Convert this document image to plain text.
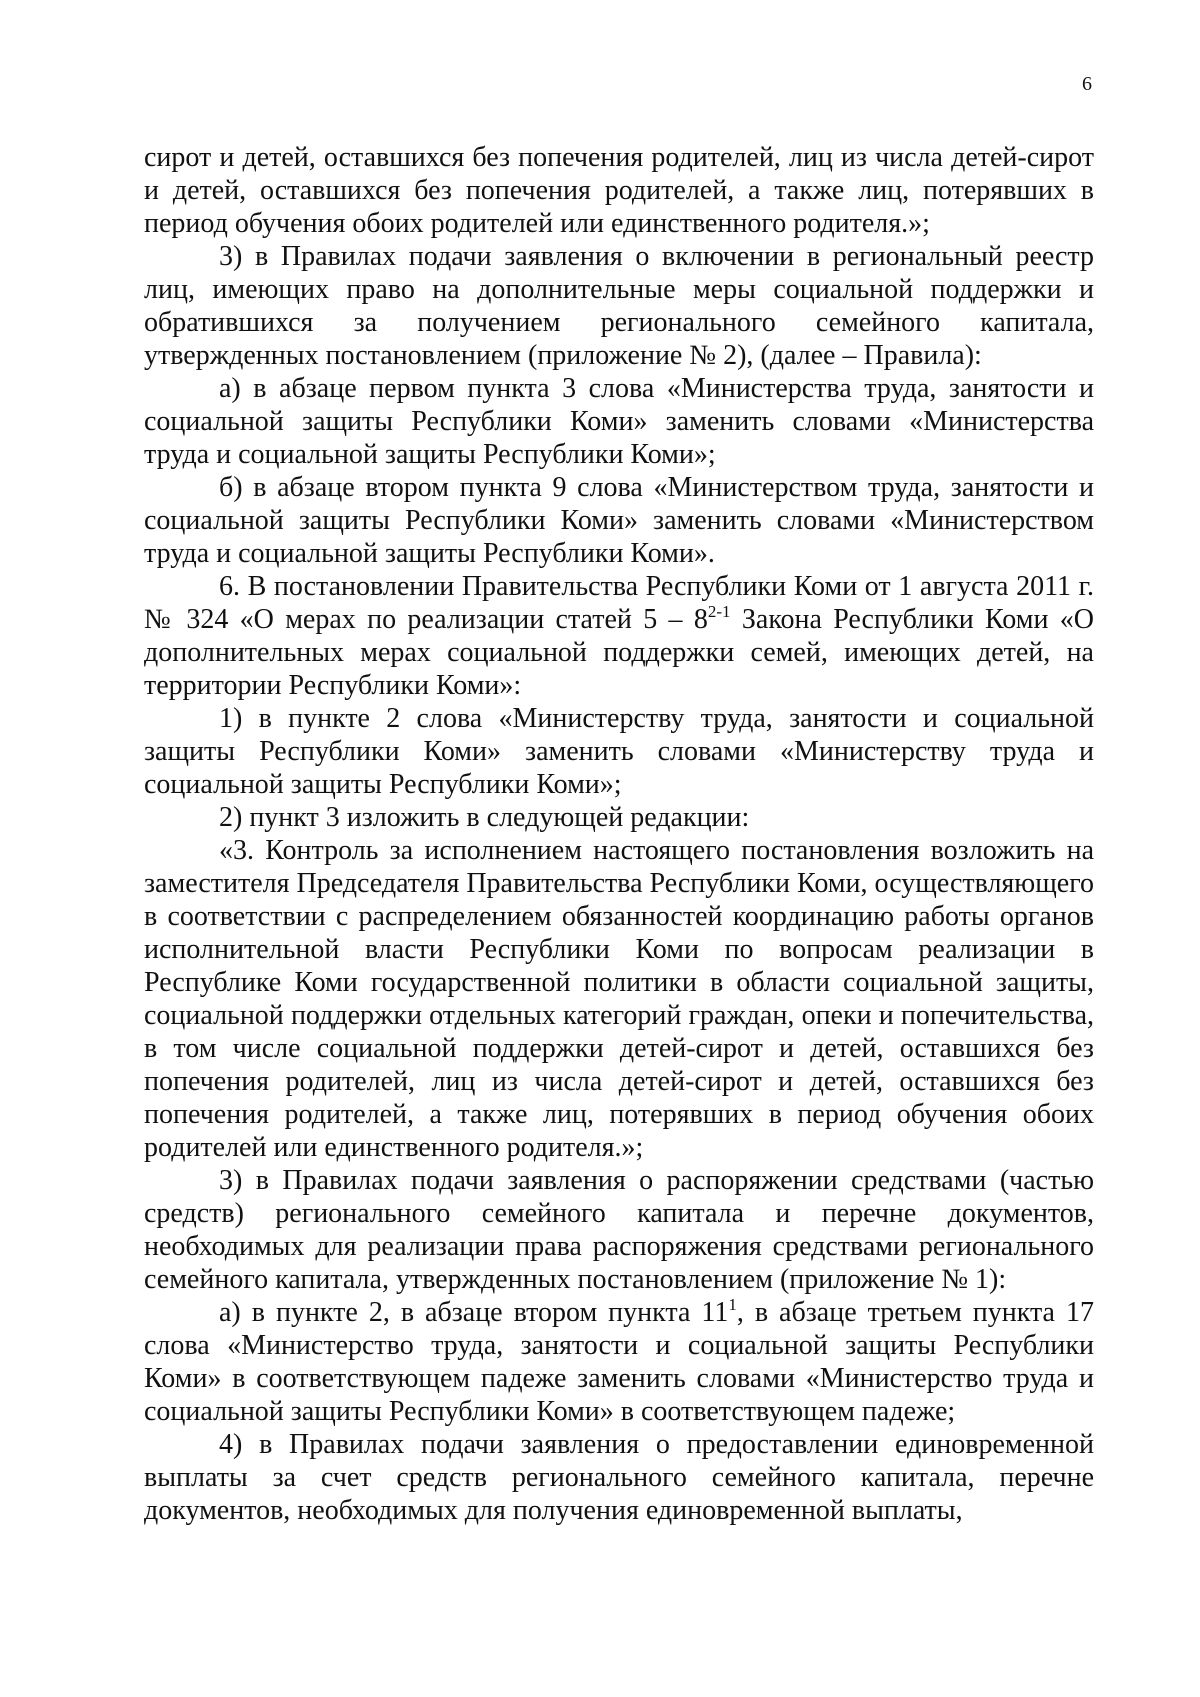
6

сирот и детей, оставшихся без попечения родителей, лиц из числа детей-сирот и детей, оставшихся без попечения родителей, а также лиц, потерявших в период обучения обоих родителей или единственного родителя.»;

3) в Правилах подачи заявления о включении в региональный реестр лиц, имеющих право на дополнительные меры социальной поддержки и обратившихся за получением регионального семейного капитала, утвержденных постановлением (приложение № 2), (далее – Правила):

а) в абзаце первом пункта 3 слова «Министерства труда, занятости и социальной защиты Республики Коми» заменить словами «Министерства труда и социальной защиты Республики Коми»;

б) в абзаце втором пункта 9 слова «Министерством труда, занятости и социальной защиты Республики Коми» заменить словами «Министерством труда и социальной защиты Республики Коми».

6. В постановлении Правительства Республики Коми от 1 августа 2011 г. № 324 «О мерах по реализации статей 5 – 8$^{2-1}$ Закона Республики Коми «О дополнительных мерах социальной поддержки семей, имеющих детей, на территории Республики Коми»:

1) в пункте 2 слова «Министерству труда, занятости и социальной защиты Республики Коми» заменить словами «Министерству труда и социальной защиты Республики Коми»;

2) пункт 3 изложить в следующей редакции:

«3. Контроль за исполнением настоящего постановления возложить на заместителя Председателя Правительства Республики Коми, осуществляющего в соответствии с распределением обязанностей координацию работы органов исполнительной власти Республики Коми по вопросам реализации в Республике Коми государственной политики в области социальной защиты, социальной поддержки отдельных категорий граждан, опеки и попечительства, в том числе социальной поддержки детей-сирот и детей, оставшихся без попечения родителей, лиц из числа детей-сирот и детей, оставшихся без попечения родителей, а также лиц, потерявших в период обучения обоих родителей или единственного родителя.»;

3) в Правилах подачи заявления о распоряжении средствами (частью средств) регионального семейного капитала и перечне документов, необходимых для реализации права распоряжения средствами регионального семейного капитала, утвержденных постановлением (приложение № 1):

а) в пункте 2, в абзаце втором пункта $11^1$, в абзаце третьем пункта 17 слова «Министерство труда, занятости и социальной защиты Республики Коми» в соответствующем падеже заменить словами «Министерство труда и социальной защиты Республики Коми» в соответствующем падеже;

4) в Правилах подачи заявления о предоставлении единовременной выплаты за счет средств регионального семейного капитала, перечне документов, необходимых для получения единовременной выплаты,
